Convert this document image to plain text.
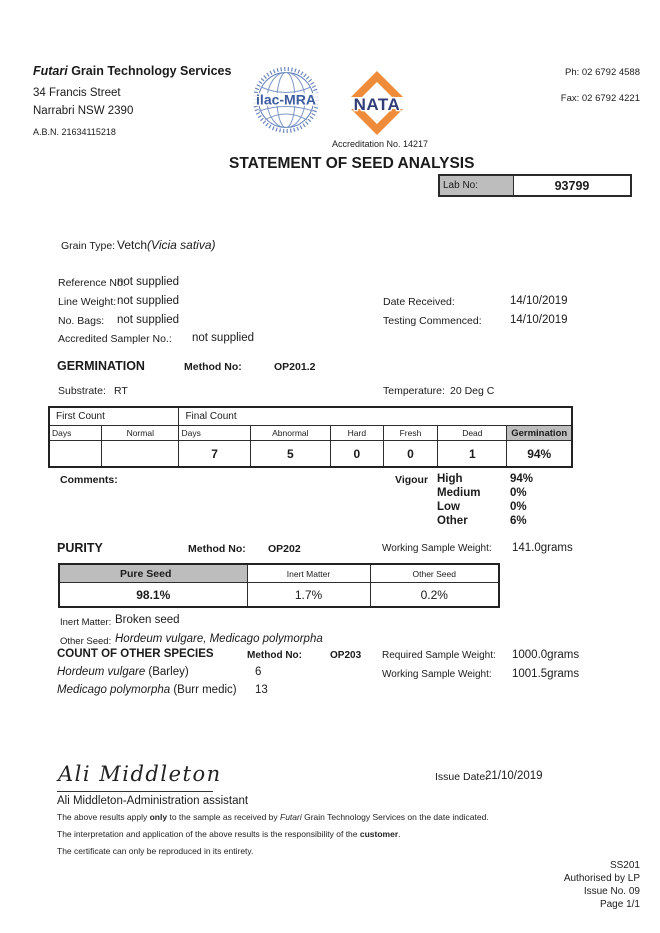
Futari Grain Technology Services
34 Francis Street
Narrabri NSW 2390
A.B.N. 21634115218
ilac-MRA NATA
Ph: 02 6792 4588
Fax: 02 6792 4221
Accreditation No. 14217
STATEMENT OF SEED ANALYSIS
Lab No:	93799
Grain Type: Vetch(Vicia sativa)
Reference No:
not supplied
Line Weight: not supplied
No. Bags: not supplied
Accredited Sampler No.: not supplied
Date Received:	14/10/2019
Testing Commenced: 14/10/2019
GERMINATION	Method No:	OP201.2
Substrate: RT	Temperature: 20 Deg C
First Count		Final Count					
Days	Normal	Days	Abnormal	Hard	Fresh	Dead	Germination
		7	5	0	0	1	94%
Comments:	Vigour High	94%
Medium	0%
Low	0%
Other	6%
PURITY	Method No: OP202	Working Sample Weight: 141.0grams
Pure Seed	Inert Matter	Other Seed
98.1%	1.7%	0.2%
Inert Matter: Broken seed
Other Seed: Hordeum vulgare, Medicago polymorpha
COUNT OF OTHER SPECIES	Method No:	OP203 Required Sample Weight: 1000.0grams
Hordeum vulgare (Barley)	6	Working Sample Weight: 1001.5grams
Medicago polymorpha (Burr medic) 13
Ali Middleton	Issue Date:
21/10/2019
Ali Middleton-Administration assistant
The above results apply only to the sample as received by Futari Grain Technology Services on the date indicated.
The interpretation and application of the above results is the responsibility of the customer.
The certificate can only be reproduced in its entirety.
SS201
Authorised by LP
Issue No. 09
Page 1/1
